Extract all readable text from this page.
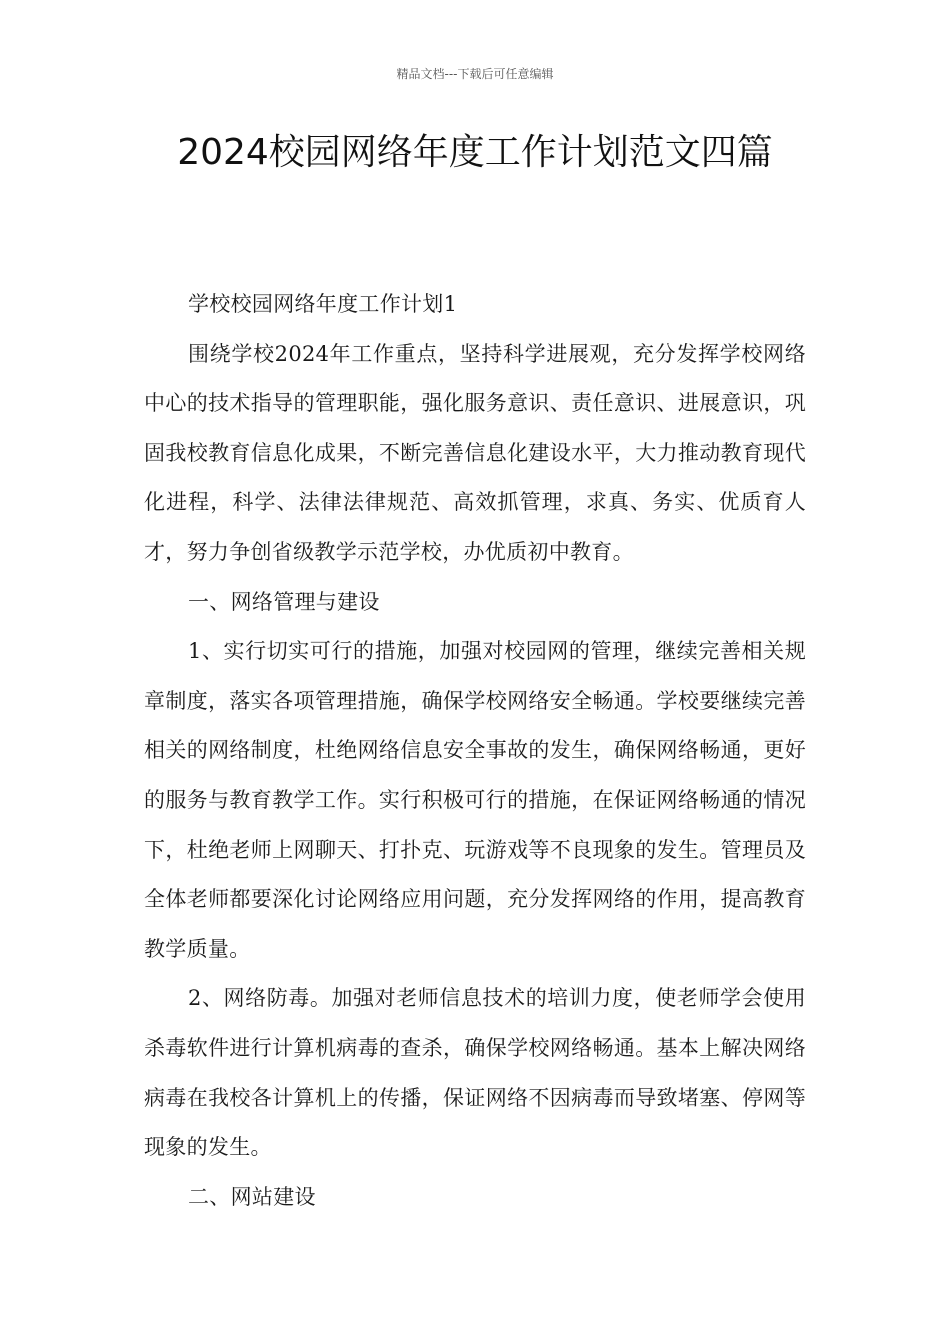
精品文档---下载后可任意编辑
2024校园网络年度工作计划范文四篇

学校校园网络年度工作计划1

围绕学校2024年工作重点，坚持科学进展观，充分发挥学校网络中心的技术指导的管理职能，强化服务意识、责任意识、进展意识，巩固我校教育信息化成果，不断完善信息化建设水平，大力推动教育现代化进程，科学、法律法律规范、高效抓管理，求真、务实、优质育人才，努力争创省级教学示范学校，办优质初中教育。

一、网络管理与建设

1、实行切实可行的措施，加强对校园网的管理，继续完善相关规章制度，落实各项管理措施，确保学校网络安全畅通。学校要继续完善相关的网络制度，杜绝网络信息安全事故的发生，确保网络畅通，更好的服务与教育教学工作。实行积极可行的措施，在保证网络畅通的情况下，杜绝老师上网聊天、打扑克、玩游戏等不良现象的发生。管理员及全体老师都要深化讨论网络应用问题，充分发挥网络的作用，提高教育教学质量。

2、网络防毒。加强对老师信息技术的培训力度，使老师学会使用杀毒软件进行计算机病毒的查杀，确保学校网络畅通。基本上解决网络病毒在我校各计算机上的传播，保证网络不因病毒而导致堵塞、停网等现象的发生。

二、网站建设
